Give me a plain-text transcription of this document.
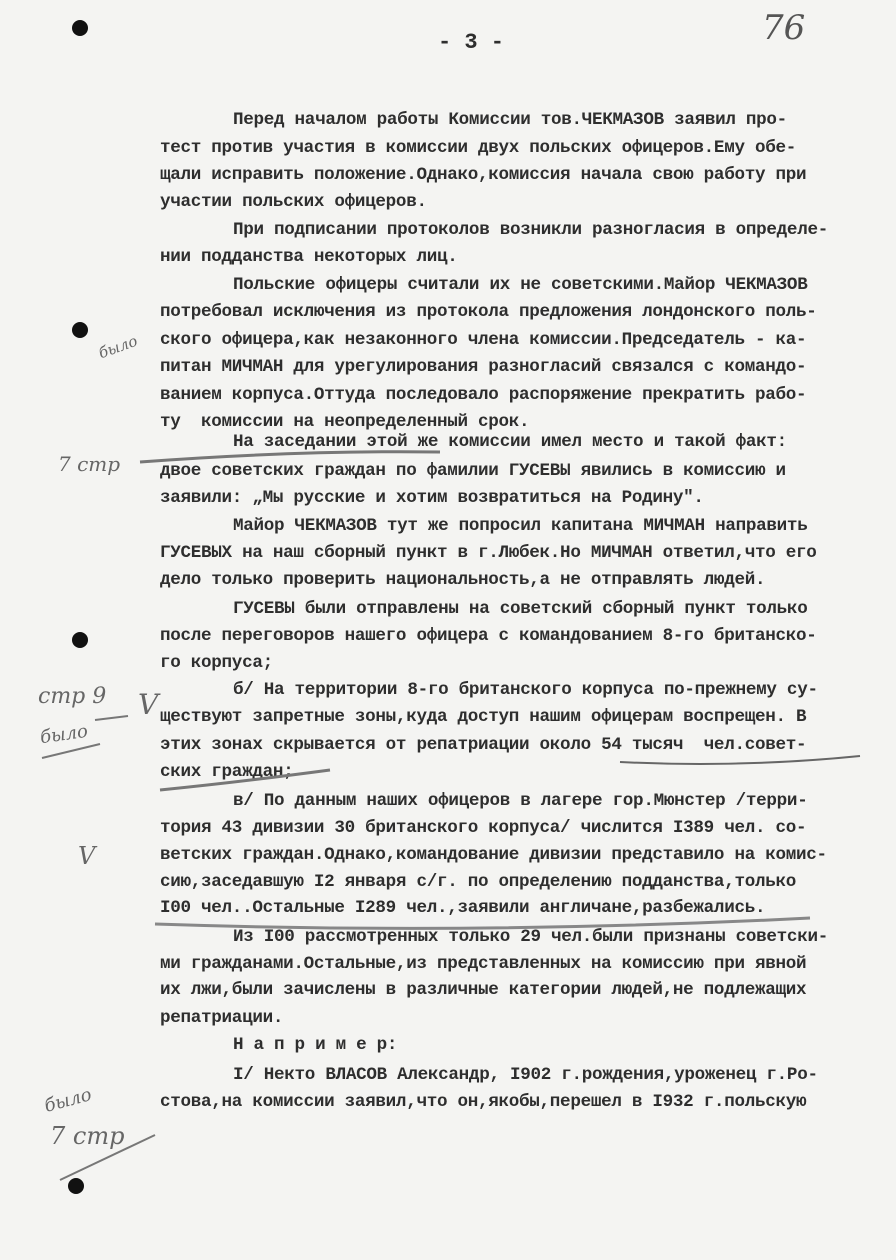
- 3 -	76
было
7 стр
стр 9
было
V
V
было
7 стр
Перед началом работы Комиссии тов.ЧЕКМАЗОВ заявил про-
тест против участия в комиссии двух польских офицеров.Ему обе-
щали исправить положение.Однако,комиссия начала свою работу при
участии польских офицеров.
При подписании протоколов возникли разногласия в определе-
нии подданства некоторых лиц.
Польские офицеры считали их не советскими.Майор ЧЕКМАЗОВ
потребовал исключения из протокола предложения лондонского поль-
ского офицера,как незаконного члена комиссии.Председатель - ка-
питан МИЧМАН для урегулирования разногласий связался с командо-
ванием корпуса.Оттуда последовало распоряжение прекратить рабо-
ту  комиссии на неопределенный срок.
На заседании этой же комиссии имел место и такой факт:
двое советских граждан по фамилии ГУСЕВЫ явились в комиссию и
заявили: „Мы русские и хотим возвратиться на Родину".
Майор ЧЕКМАЗОВ тут же попросил капитана МИЧМАН направить
ГУСЕВЫХ на наш сборный пункт в г.Любек.Но МИЧМАН ответил,что его
дело только проверить национальность,а не отправлять людей.
ГУСЕВЫ были отправлены на советский сборный пункт только
после переговоров нашего офицера с командованием 8-го британско-
го корпуса;
б/ На территории 8-го британского корпуса по-прежнему су-
ществуют запретные зоны,куда доступ нашим офицерам воспрещен. В
этих зонах скрывается от репатриации около 54 тысяч  чел.совет-
ских граждан;
в/ По данным наших офицеров в лагере гор.Мюнстер /терри-
тория 43 дивизии 30 британского корпуса/ числится I389 чел. со-
ветских граждан.Однако,командование дивизии представило на комис-
сию,заседавшую I2 января с/г. по определению подданства,только
I00 чел..Остальные I289 чел.,заявили англичане,разбежались.
Из I00 рассмотренных только 29 чел.были признаны советски-
ми гражданами.Остальные,из представленных на комиссию при явной
их лжи,были зачислены в различные категории людей,не подлежащих
репатриации.
Н а п р и м е р:
I/ Некто ВЛАСОВ Александр, I902 г.рождения,уроженец г.Ро-
стова,на комиссии заявил,что он,якобы,перешел в I932 г.польскую
